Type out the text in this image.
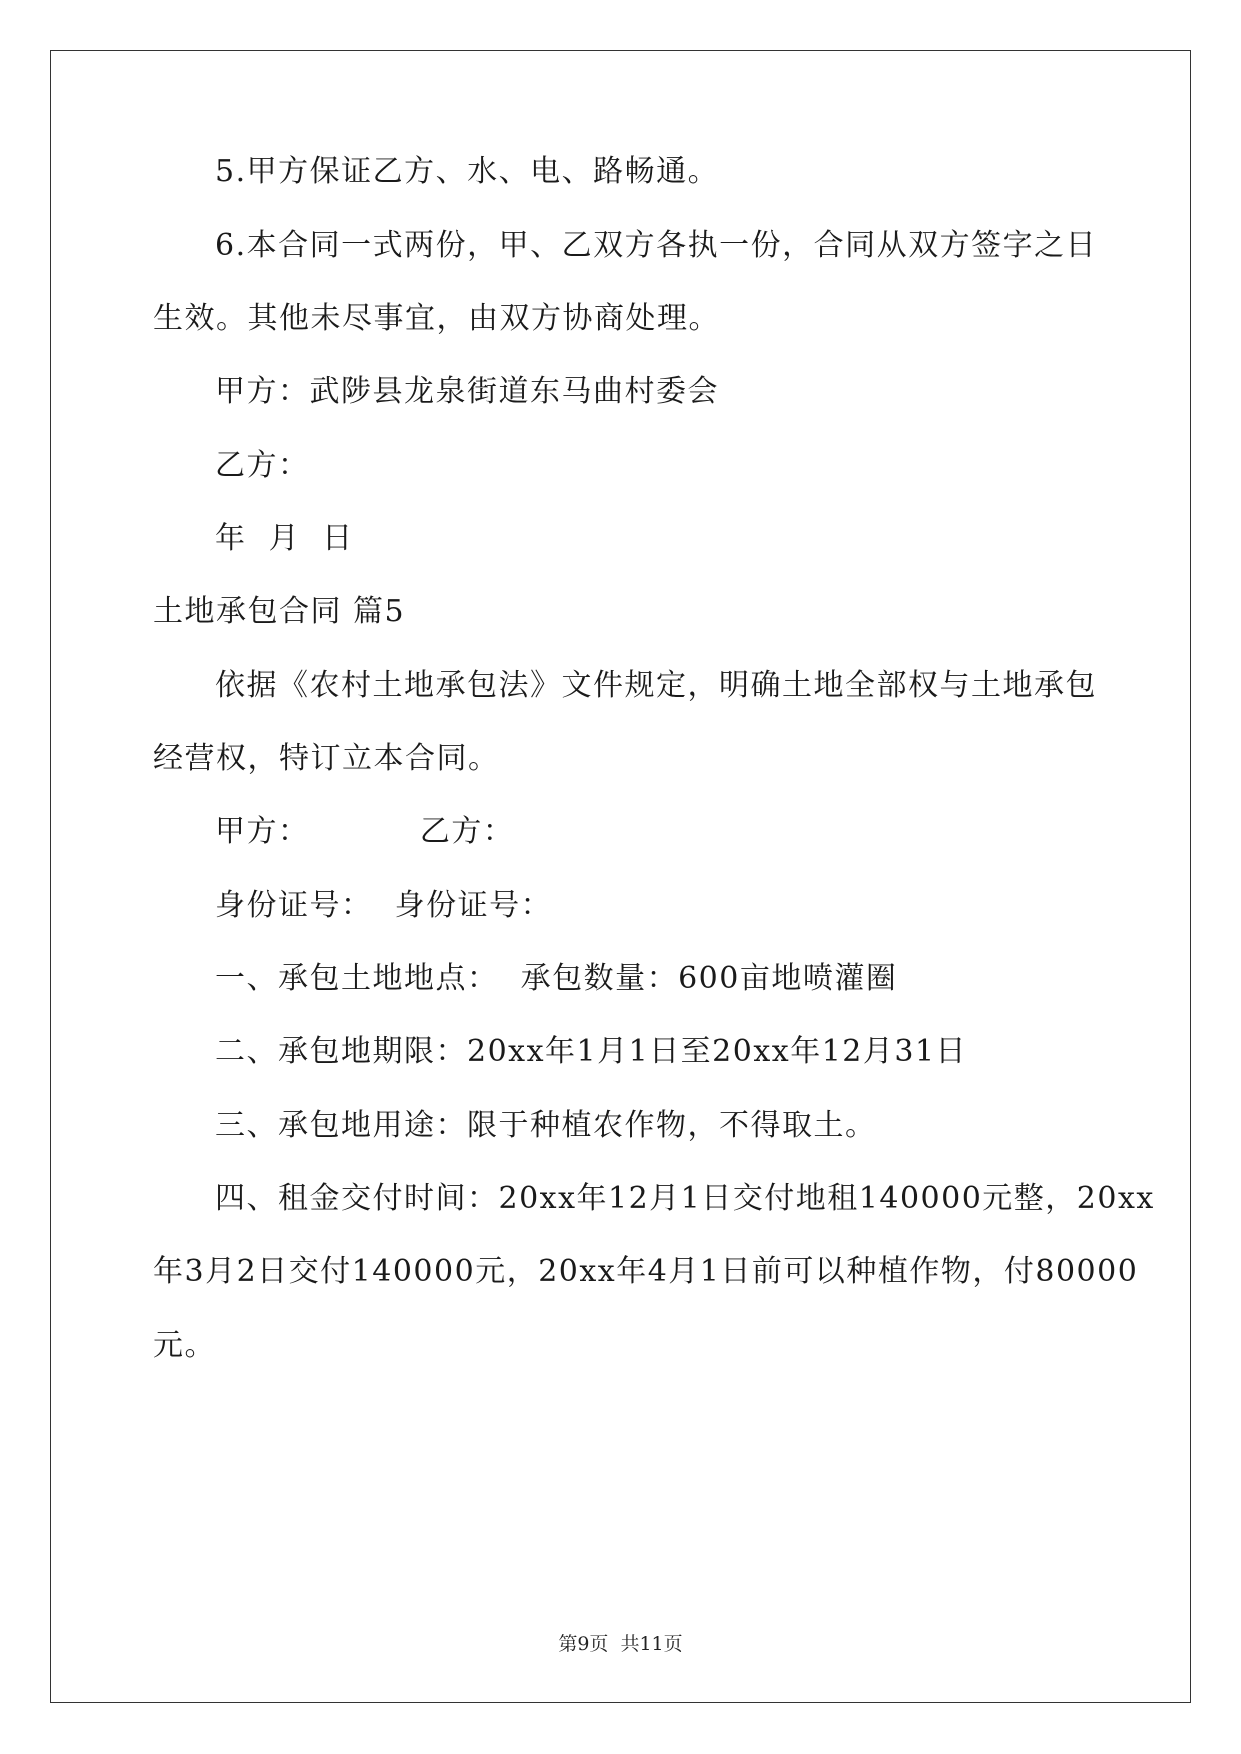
5.甲方保证乙方、水、电、路畅通。
6.本合同一式两份，甲、乙双方各执一份，合同从双方签字之日
生效。其他未尽事宜，由双方协商处理。
甲方：武陟县龙泉街道东马曲村委会
乙方：
年  月  日
土地承包合同 篇5
依据《农村土地承包法》文件规定，明确土地全部权与土地承包
经营权，特订立本合同。
甲方：          乙方：
身份证号：  身份证号：
一、承包土地地点：  承包数量：600亩地喷灌圈
二、承包地期限：20xx年1月1日至20xx年12月31日
三、承包地用途：限于种植农作物，不得取土。
四、租金交付时间：20xx年12月1日交付地租140000元整，20xx
年3月2日交付140000元，20xx年4月1日前可以种植作物，付80000
元。
第9页 共11页
